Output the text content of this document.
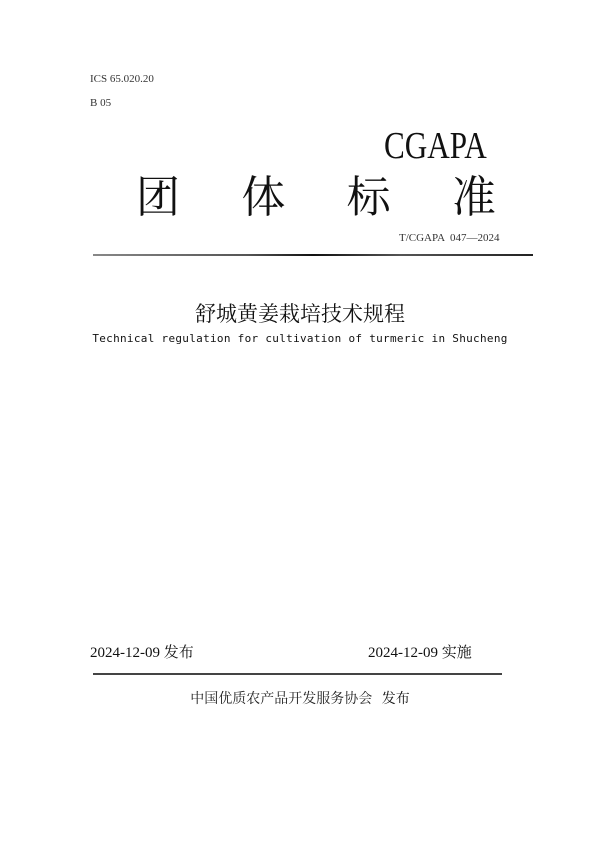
ICS 65.020.20
B 05
CGAPA
团 体 标 准
T/CGAPA  047—2024
舒城黄姜栽培技术规程
Technical regulation for cultivation of turmeric in Shucheng
2024-12-09 发布	2024-12-09 实施
中国优质农产品开发服务协会 发布
